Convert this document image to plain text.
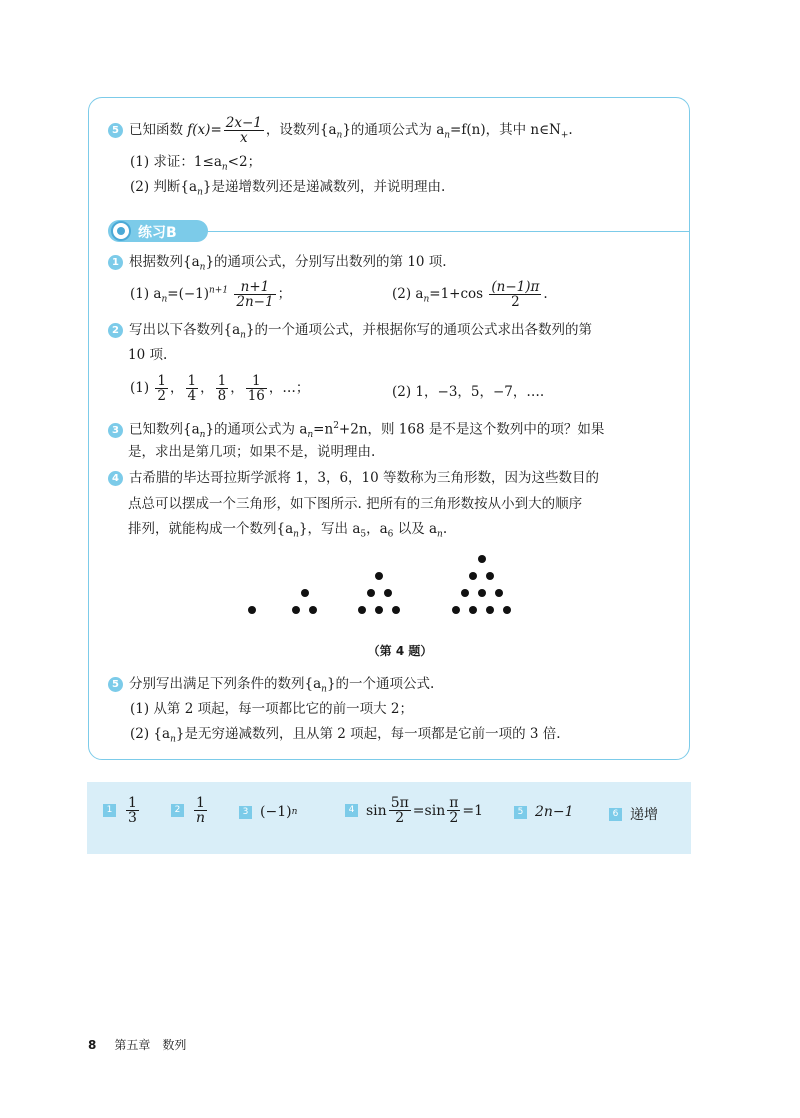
5 已知函数 $f(x)= \frac{2x-1}{x}$ ，设数列$\{a_n\}$的通项公式为 $a_n=f(n)$，其中 $n\in N_+$.
(1) 求证：$1\le a_n<2$；
(2) 判断$\{a_n\}$是递增数列还是递减数列，并说明理由.
练习B
1 根据数列$\{a_n\}$的通项公式，分别写出数列的第 10 项.
(1) $a_n=(-1)^{n+1} \frac{n+1}{2n-1}$ ；	(2) $a_n=1+\cos \frac{(n-1)\pi}{2}$ .
2 写出以下各数列$\{a_n\}$的一个通项公式，并根据你写的通项公式求出各数列的第
10 项.
$(1) \frac{1}{2}$ ， $\frac{1}{4}$ ， $\frac{1}{8}$ ， $\frac{1}{16}$ ，…；	(2) 1，−3，5，−7，….
3 已知数列$\{a_n\}$的通项公式为 $a_n=n^2+2n$，则 168 是不是这个数列中的项？如果
是，求出是第几项；如果不是，说明理由.
4 古希腊的毕达哥拉斯学派将 1，3，6，10 等数称为三角形数，因为这些数目的
点总可以摆成一个三角形，如下图所示. 把所有的三角形数按从小到大的顺序
排列，就能构成一个数列$\{a_n\}$，写出 $a_5$，$a_6$ 以及 $a_n$.
（第 4 题）
5 分别写出满足下列条件的数列$\{a_n\}$的一个通项公式.
(1) 从第 2 项起，每一项都比它的前一项大 2；
(2) $\{a_n\}$是无穷递减数列，且从第 2 项起，每一项都是它前一项的 3 倍.
$1 \frac{1}{3}$	$2 \frac{1}{n}$	3 (−1) n	4 $\sin \frac{5\pi}{2} =\sin \frac{\pi}{2} =1$	5 2n−1	6 递增
8 第五章　数列
